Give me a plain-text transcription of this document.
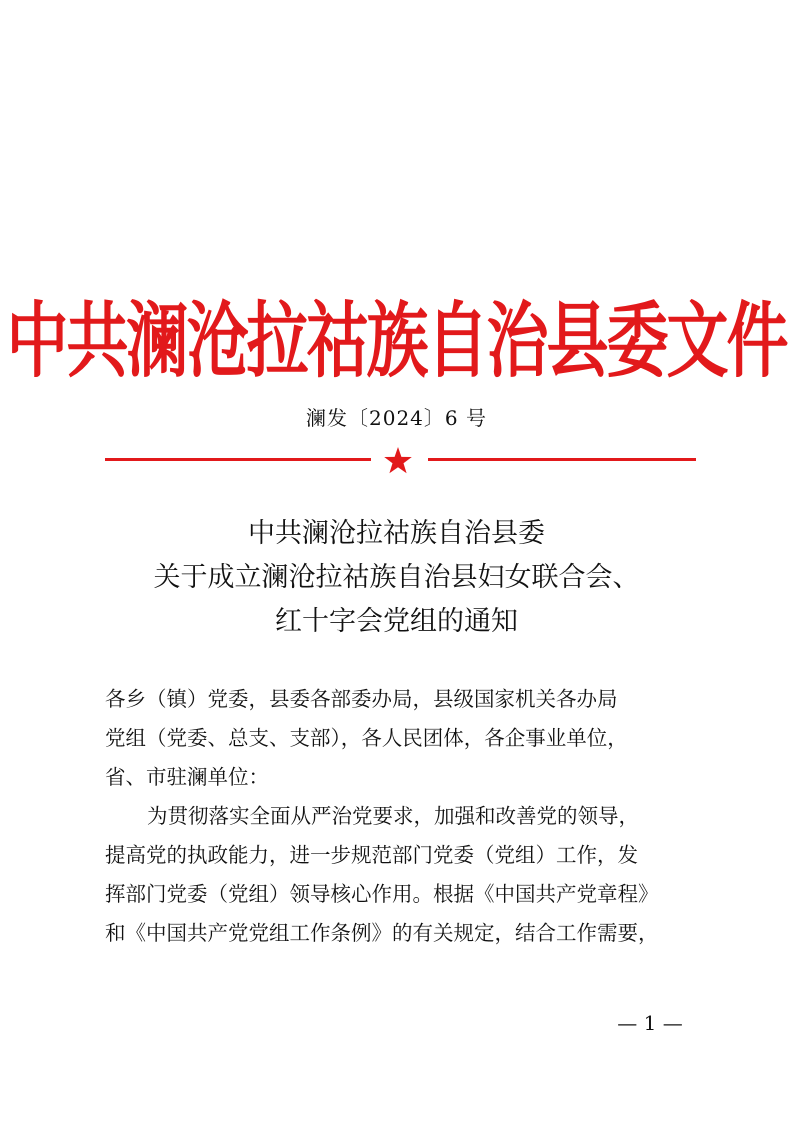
中共澜沧拉祜族自治县委文件
澜发〔2024〕6 号
中共澜沧拉祜族自治县委
关于成立澜沧拉祜族自治县妇女联合会、
红十字会党组的通知
各乡（镇）党委，县委各部委办局，县级国家机关各办局
党组（党委、总支、支部），各人民团体，各企事业单位，
省、市驻澜单位：
为贯彻落实全面从严治党要求，加强和改善党的领导，
提高党的执政能力，进一步规范部门党委（党组）工作，发
挥部门党委（党组）领导核心作用。根据《中国共产党章程》
和《中国共产党党组工作条例》的有关规定，结合工作需要，
— 1 —
